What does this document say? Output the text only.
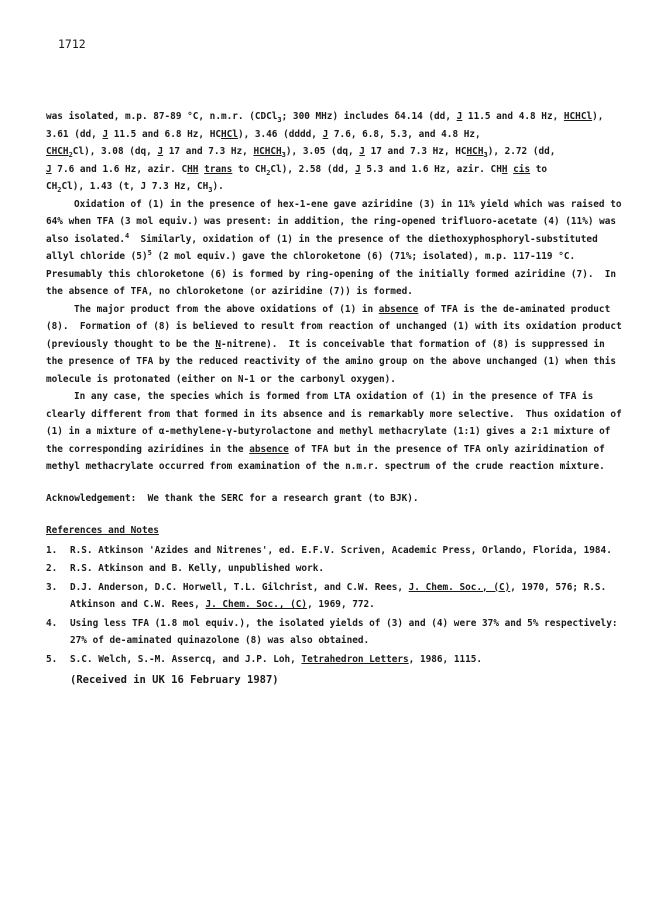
1712

was isolated, m.p. 87-89 °C, n.m.r. (CDCl$_3$; 300 MHz) includes δ4.14 (dd, J 11.5 and 4.8 Hz, HCHCl), 3.61 (dd, J 11.5 and 6.8 Hz, HCHCl), 3.46 (dddd, J 7.6, 6.8, 5.3, and 4.8 Hz,
$CHCH_2Cl$), 3.08 (dq, J 17 and 7.3 Hz, $HCHCH_3$), 3.05 (dq, J 17 and 7.3 Hz, $HCHCH_3$), 2.72 (dd,
J 7.6 and 1.6 Hz, azir. CHH trans to $CH_2Cl$), 2.58 (dd, J 5.3 and 1.6 Hz, azir. CHH cis to
$CH_2Cl$), 1.43 (t, J 7.3 Hz, $CH_3$).

Oxidation of (1) in the presence of hex-1-ene gave aziridine (3) in 11% yield which was raised to 64% when TFA (3 mol equiv.) was present: in addition, the ring-opened trifluoro-acetate (4) (11%) was also isolated.$^4$  Similarly, oxidation of (1) in the presence of the diethoxyphosphoryl-substituted allyl chloride $(5)^5$ (2 mol equiv.) gave the chloroketone (6) (71%; isolated), m.p. 117-119 °C.  Presumably this chloroketone (6) is formed by ring-opening of the initially formed aziridine (7).  In the absence of TFA, no chloroketone (or aziridine (7)) is formed.

The major product from the above oxidations of (1) in absence of TFA is the de-aminated product (8).  Formation of (8) is believed to result from reaction of unchanged (1) with its oxidation product (previously thought to be the N-nitrene).  It is conceivable that formation of (8) is suppressed in the presence of TFA by the reduced reactivity of the amino group on the above unchanged (1) when this molecule is protonated (either on N-1 or the carbonyl oxygen).

In any case, the species which is formed from LTA oxidation of (1) in the presence of TFA is clearly different from that formed in its absence and is remarkably more selective.  Thus oxidation of (1) in a mixture of α-methylene-γ-butyrolactone and methyl methacrylate (1:1) gives a 2:1 mixture of the corresponding aziridines in the absence of TFA but in the presence of TFA only aziridination of methyl methacrylate occurred from examination of the n.m.r. spectrum of the crude reaction mixture.

Acknowledgement:  We thank the SERC for a research grant (to BJK).

References and Notes

1. R.S. Atkinson 'Azides and Nitrenes', ed. E.F.V. Scriven, Academic Press, Orlando, Florida, 1984.
2. R.S. Atkinson and B. Kelly, unpublished work.
3. D.J. Anderson, D.C. Horwell, T.L. Gilchrist, and C.W. Rees, J. Chem. Soc., (C), 1970, 576; R.S. Atkinson and C.W. Rees, J. Chem. Soc., (C), 1969, 772.
4. Using less TFA (1.8 mol equiv.), the isolated yields of (3) and (4) were 37% and 5% respectively: 27% of de-aminated quinazolone (8) was also obtained.
5. S.C. Welch, S.-M. Assercq, and J.P. Loh, Tetrahedron Letters, 1986, 1115.

(Received in UK 16 February 1987)
